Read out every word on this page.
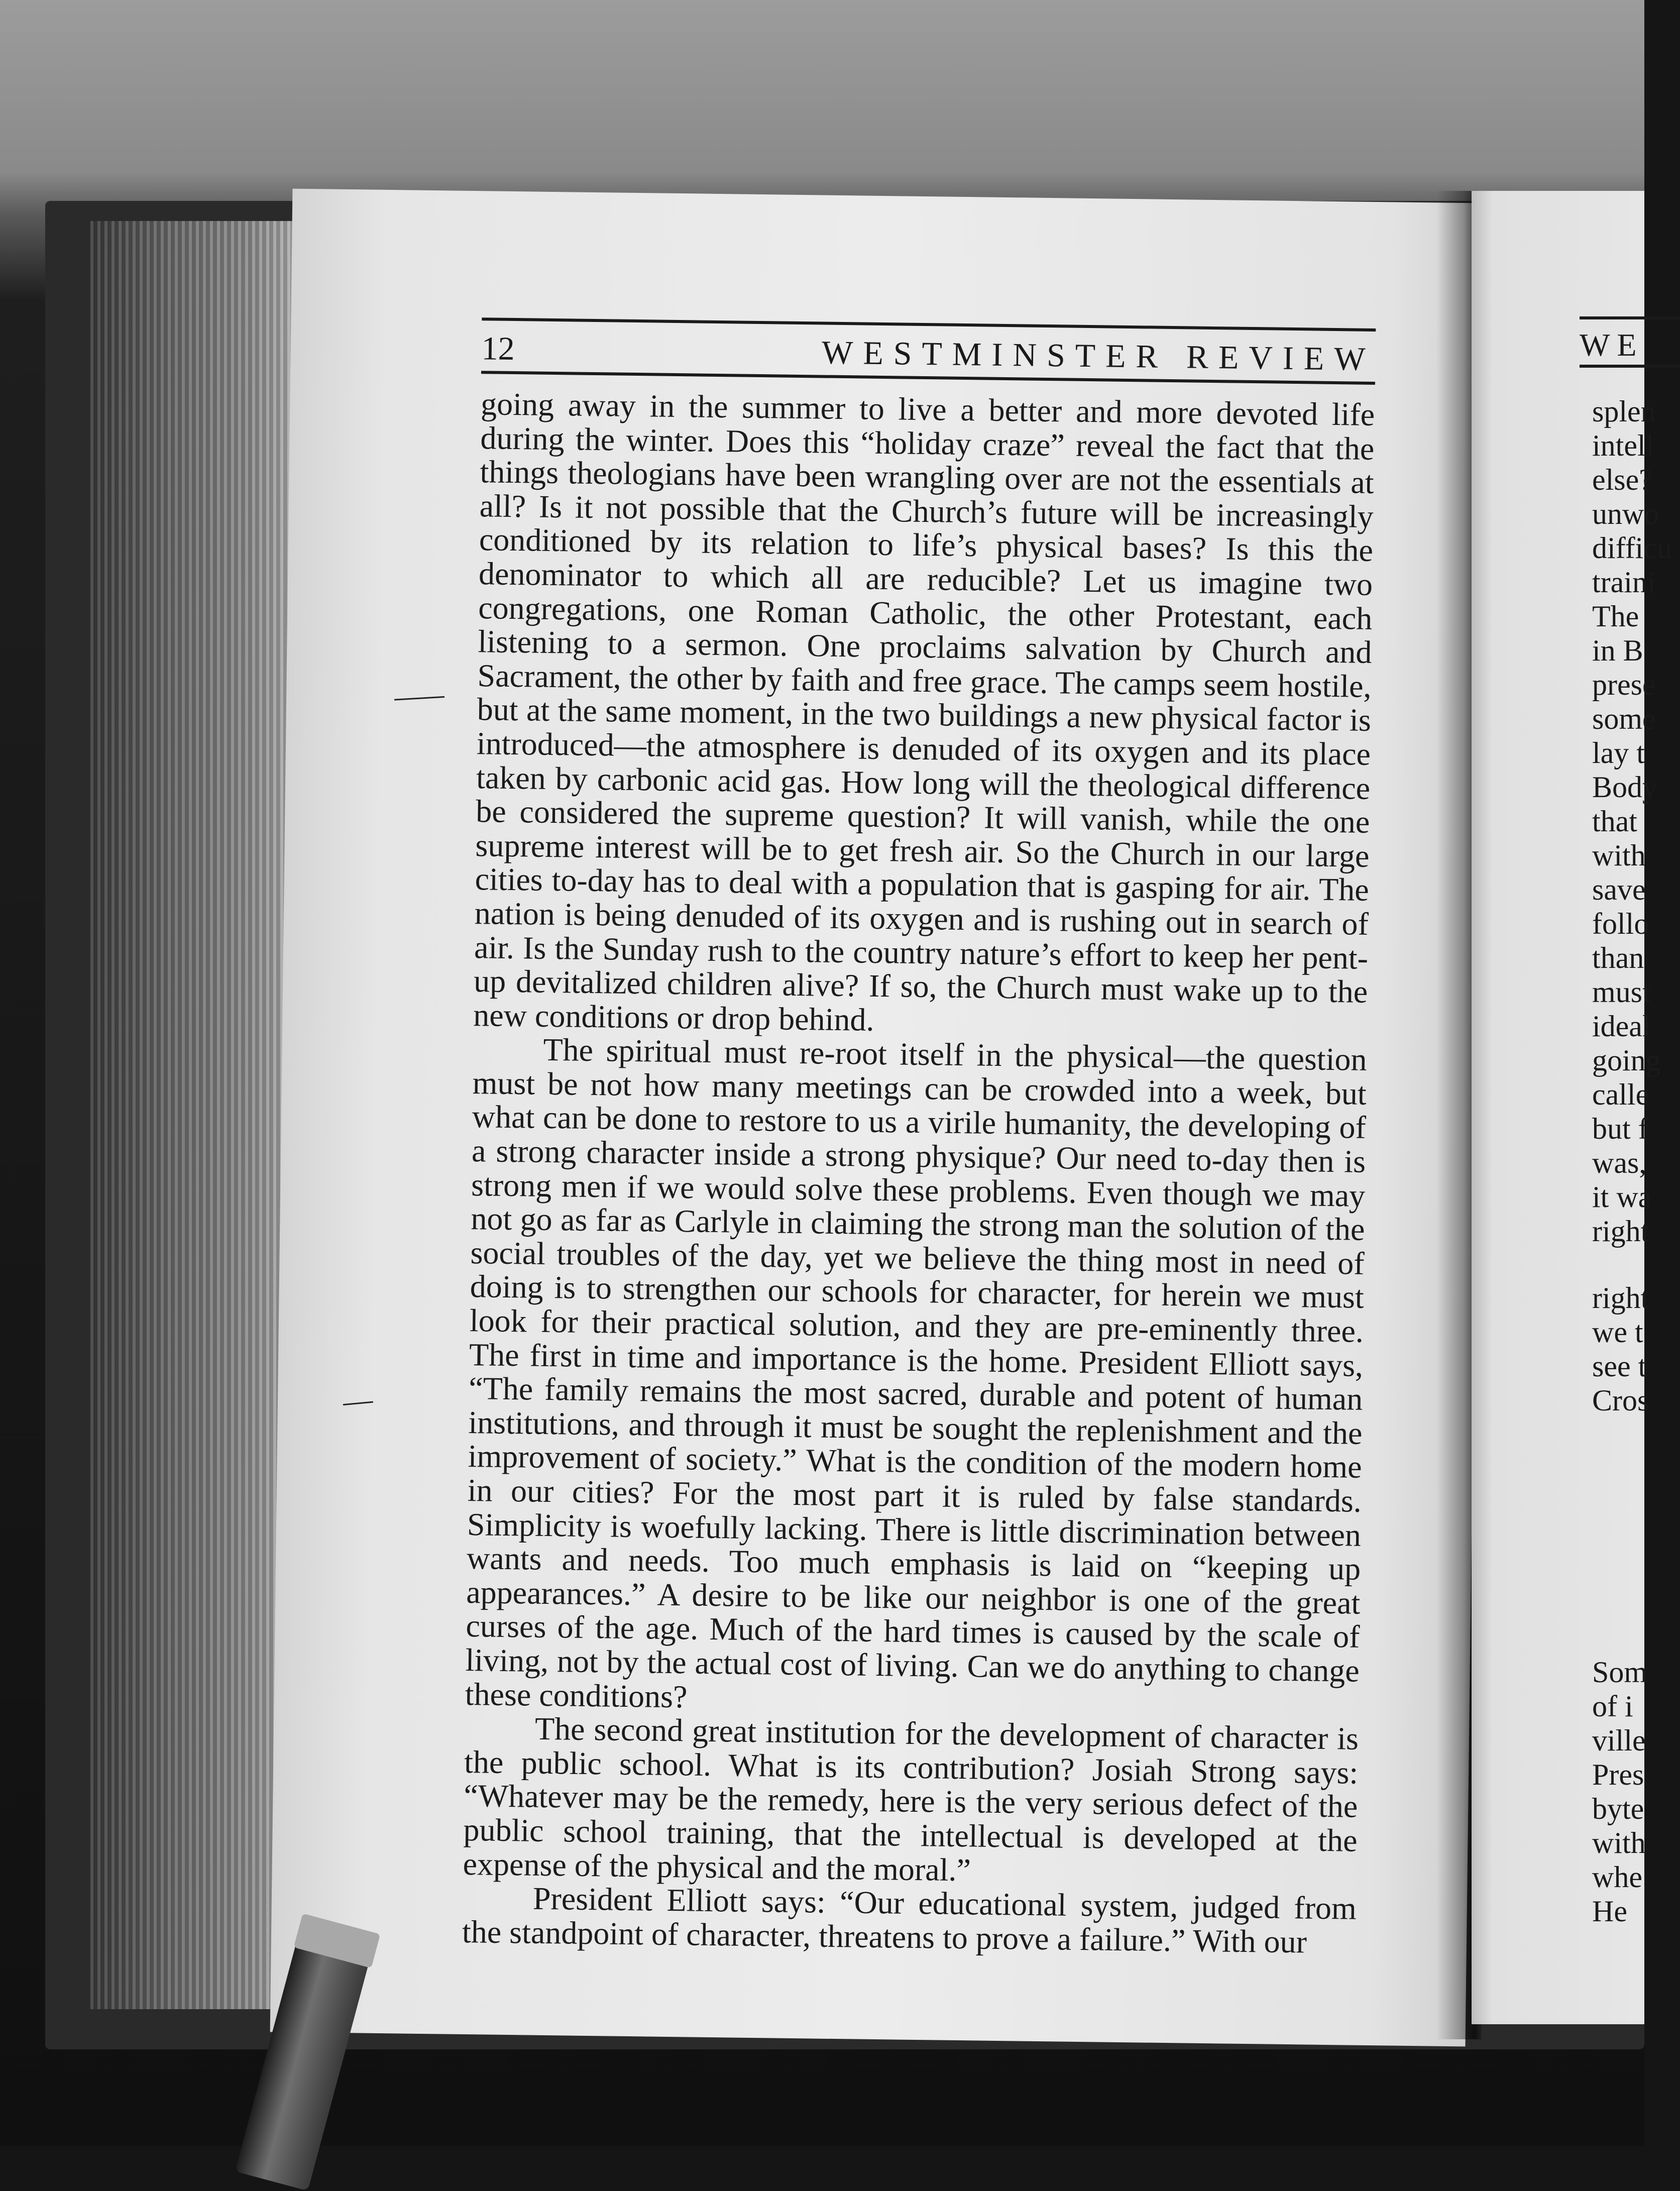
12	WESTMINSTER REVIEW

going away in the summer to live a better and more devoted life during the winter. Does this “holiday craze” reveal the fact that the things theologians have been wrangling over are not the essentials at all? Is it not possible that the Church’s future will be increasingly conditioned by its relation to life’s physical bases? Is this the denominator to which all are reducible? Let us imagine two congregations, one Roman Catholic, the other Protestant, each listening to a sermon. One proclaims salvation by Church and Sacrament, the other by faith and free grace. The camps seem hostile, but at the same moment, in the two buildings a new physical factor is introduced—the atmosphere is denuded of its oxygen and its place taken by carbonic acid gas. How long will the theological difference be considered the supreme question? It will vanish, while the one supreme interest will be to get fresh air. So the Church in our large cities to-day has to deal with a population that is gasping for air. The nation is being denuded of its oxygen and is rushing out in search of air. Is the Sunday rush to the country nature’s effort to keep her pent-up devitalized children alive? If so, the Church must wake up to the new conditions or drop behind.

The spiritual must re-root itself in the physical—the question must be not how many meetings can be crowded into a week, but what can be done to restore to us a virile humanity, the developing of a strong character inside a strong physique? Our need to-day then is strong men if we would solve these problems. Even though we may not go as far as Carlyle in claiming the strong man the solution of the social troubles of the day, yet we believe the thing most in need of doing is to strengthen our schools for character, for herein we must look for their practical solution, and they are pre-eminently three. The first in time and importance is the home. President Elliott says, “The family remains the most sacred, durable and potent of human institutions, and through it must be sought the replenishment and the improvement of society.” What is the condition of the modern home in our cities? For the most part it is ruled by false standards. Simplicity is woefully lacking. There is little discrimination between wants and needs. Too much emphasis is laid on “keeping up appearances.” A desire to be like our neighbor is one of the great curses of the age. Much of the hard times is caused by the scale of living, not by the actual cost of living. Can we do anything to change these conditions?

The second great institution for the development of character is the public school. What is its contribution? Josiah Strong says: “Whatever may be the remedy, here is the very serious defect of the public school training, that the intellectual is developed at the expense of the physical and the moral.”

President Elliott says: “Our educational system, judged from the standpoint of character, threatens to prove a failure.” With our

WE
splen
intell
else?
unwo
difficu
traini
The
in B
prese
some
lay t
Body
that
with
save
follo
than
must
ideal
going
calle
but f
was,
it wa
right
right
we t
see t
Cros
Som
of i
ville
Pres
byte
with
whe
He
